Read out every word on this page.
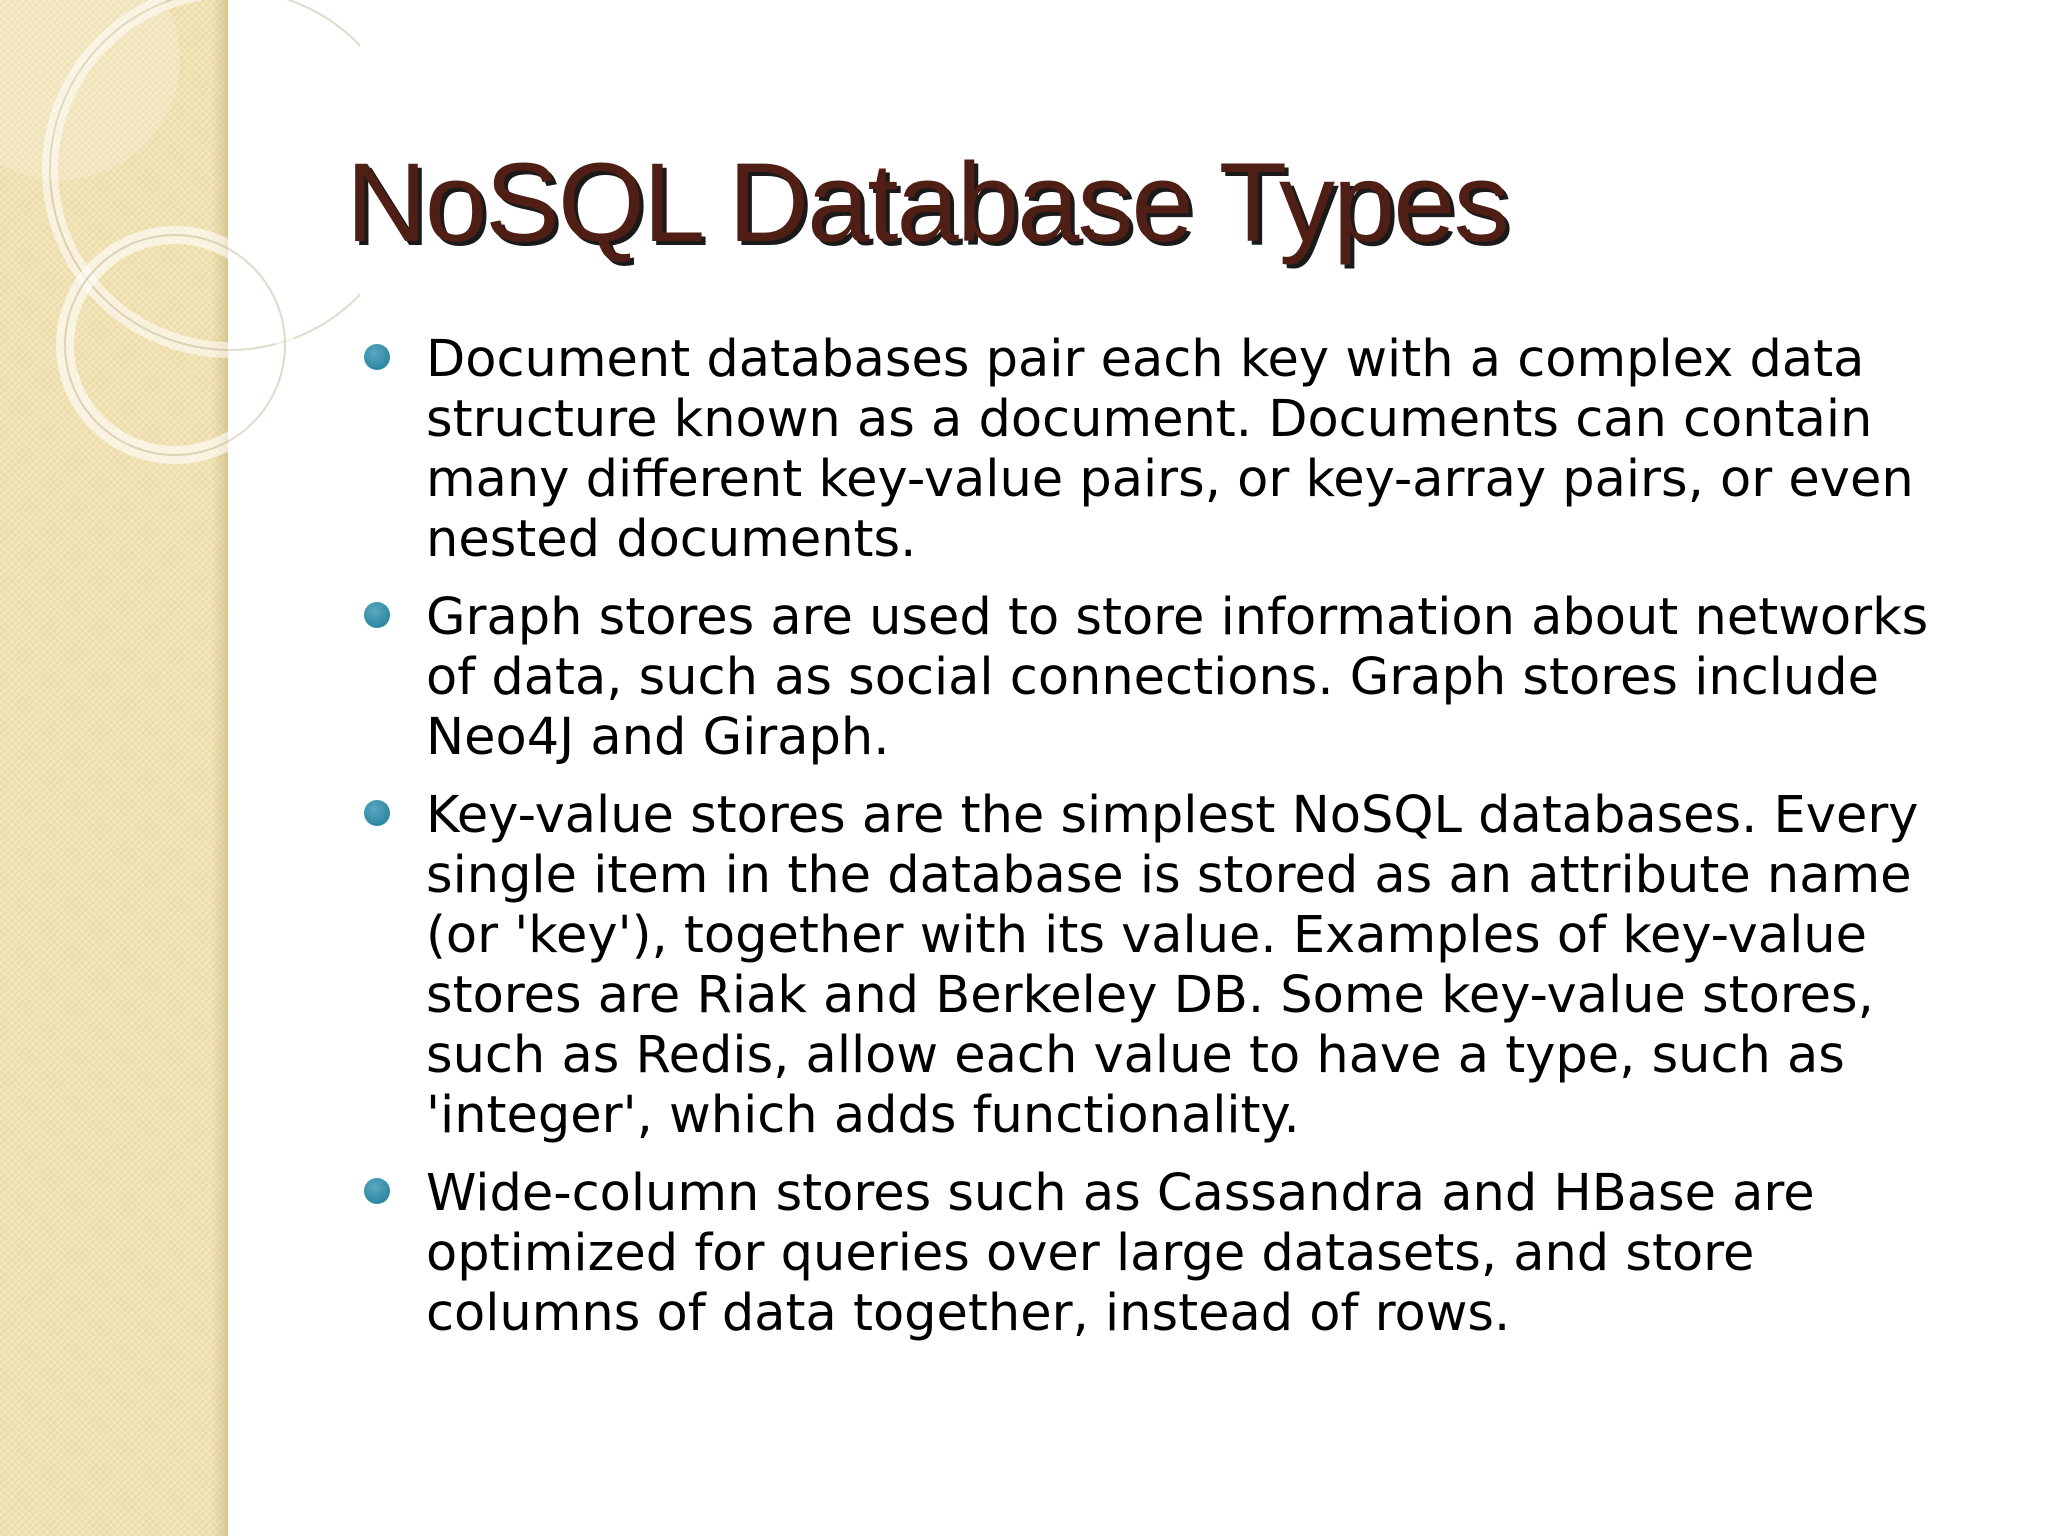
NoSQL Database Types
Document databases pair each key with a complex data structure known as a document. Documents can contain many different key-value pairs, or key-array pairs, or even nested documents.
Graph stores are used to store information about networks of data, such as social connections. Graph stores include Neo4J and Giraph.
Key-value stores are the simplest NoSQL databases. Every single item in the database is stored as an attribute name (or 'key'), together with its value. Examples of key-value stores are Riak and Berkeley DB. Some key-value stores, such as Redis, allow each value to have a type, such as 'integer', which adds functionality.
Wide-column stores such as Cassandra and HBase are optimized for queries over large datasets, and store columns of data together, instead of rows.
